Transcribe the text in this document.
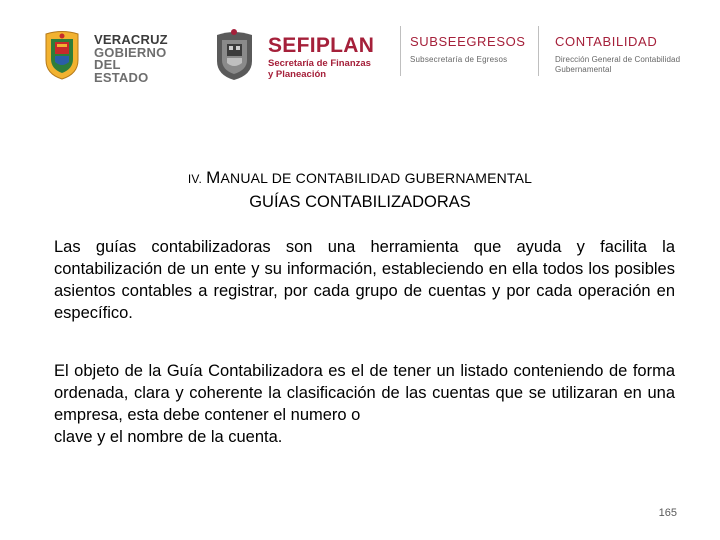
VERACRUZ
GOBIERNO
DEL ESTADO
SEFIPLAN
Secretaría de Finanzas
y Planeación
SUBSEEGRESOS
Subsecretaría de Egresos
CONTABILIDAD
Dirección General de Contabilidad
Gubernamental
IV. MANUAL DE CONTABILIDAD GUBERNAMENTAL
GUÍAS CONTABILIZADORAS
Las guías contabilizadoras son una herramienta que ayuda y facilita la contabilización de un ente y su información, estableciendo en ella todos los posibles asientos contables a registrar, por cada grupo de cuentas y por cada operación en específico.
El objeto de la Guía Contabilizadora es el de tener un listado conteniendo de forma ordenada, clara y coherente la clasificación de las cuentas que se utilizaran en una empresa, esta debe contener el numero o
clave y el nombre de la cuenta.
165
